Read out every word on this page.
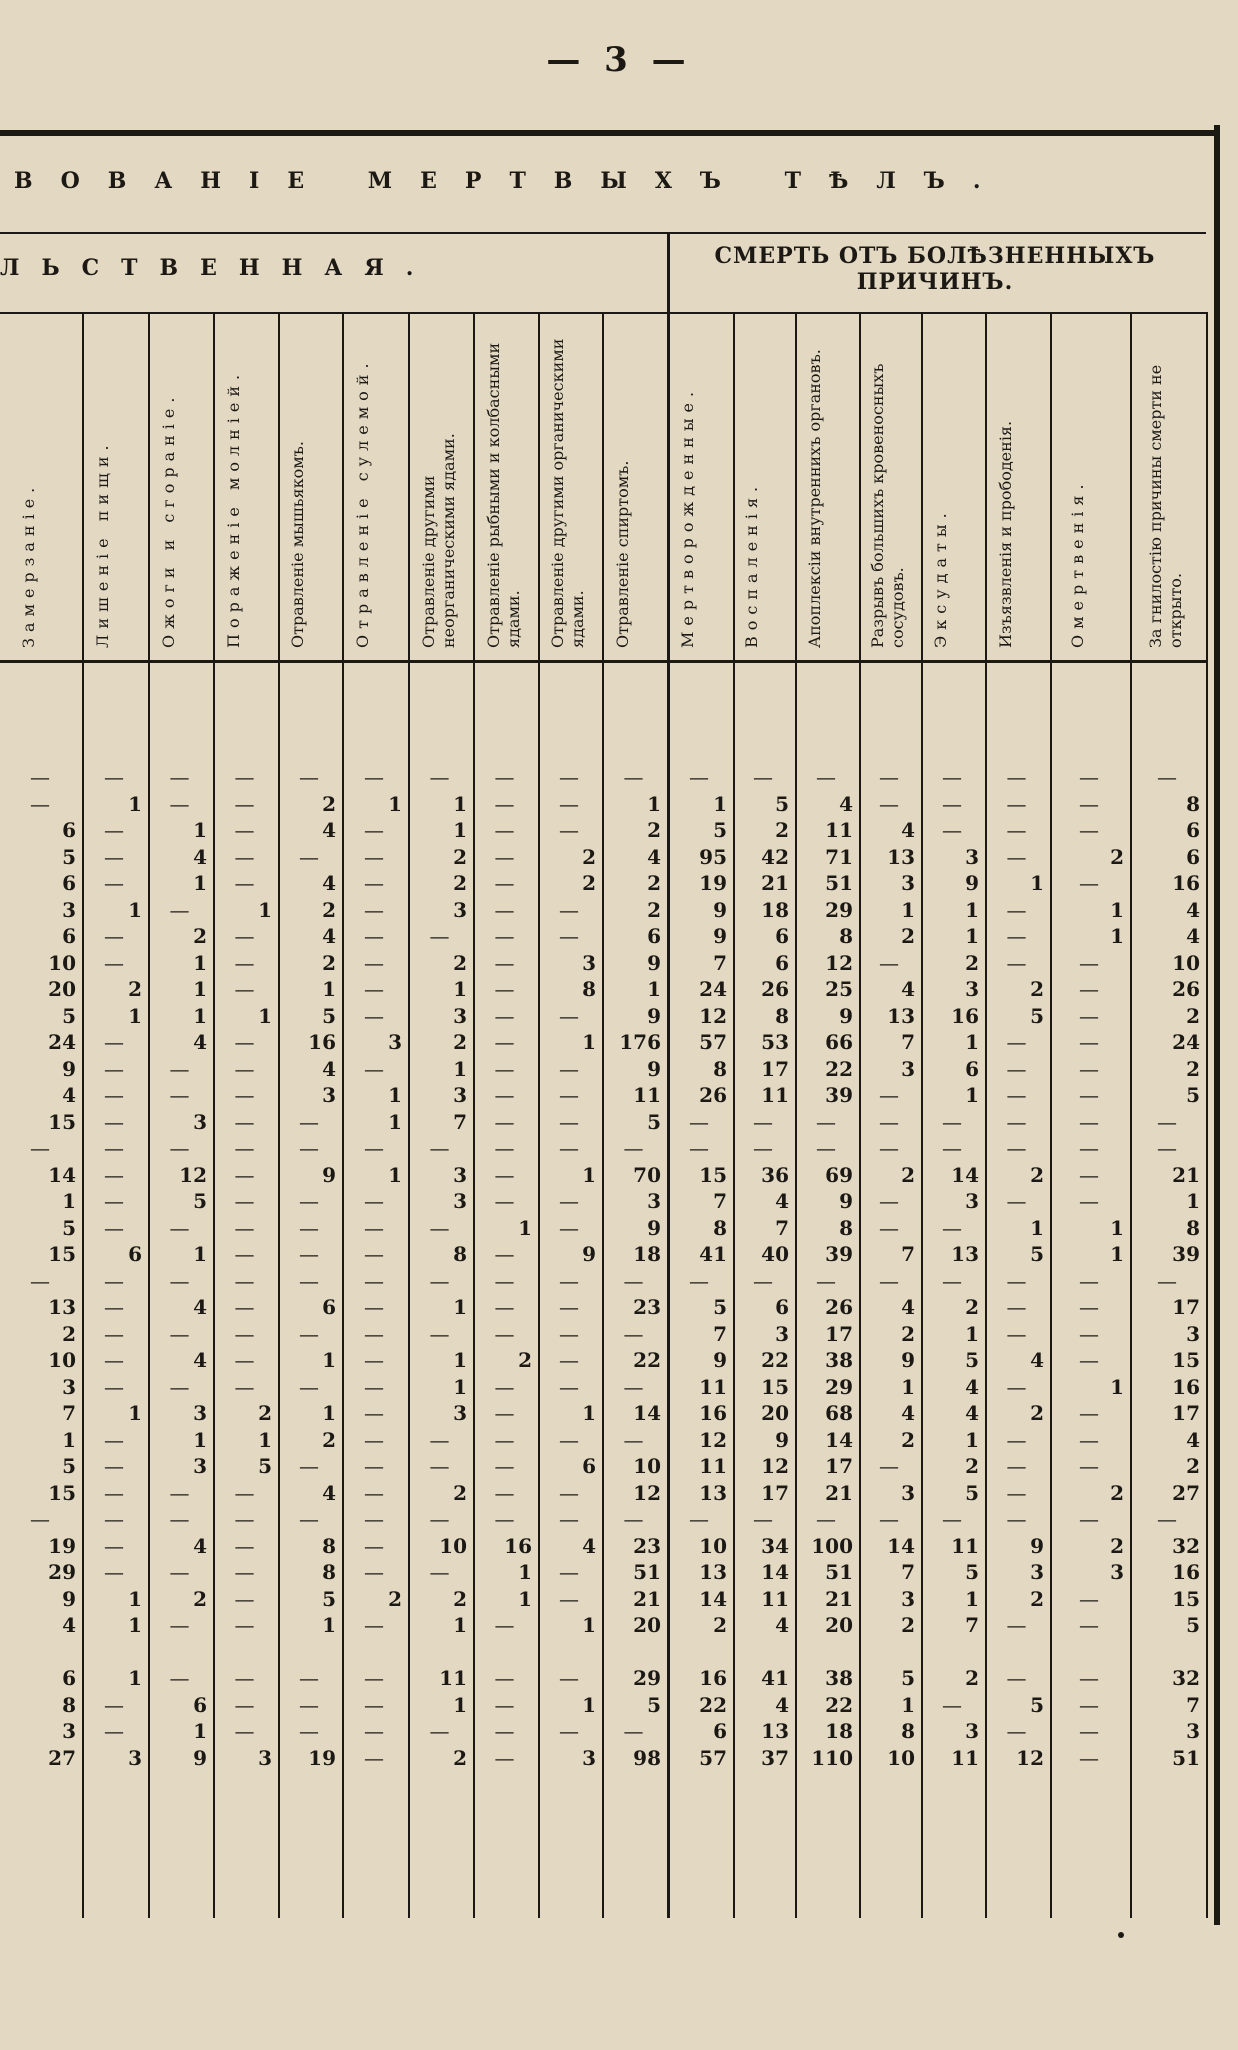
— 3 —
ВОВАНІЕ МЕРТВЫХЪ ТѢЛЪ.
ЛЬСТВЕННАЯ.	СМЕРТЬ ОТЪ БОЛѢЗНЕННЫХЪ ПРИЧИНЪ.
Замерзаніе.	Лишеніе пищи.	Ожоги и сгораніе.	Пораженіе молніей.	Отравленіе мышьякомъ.	Отравленіе сулемой.	Отравленіе другими неорганическими ядами.	Отравленіе рыбными и колбасными ядами.	Отравленіе другими органическими ядами.	Отравленіе спиртомъ.	Мертворожденные.	Воспаленія.	Апоплексіи внутреннихъ органовъ.	Разрывъ большихъ кровеносныхъ сосудовъ.	Эксудаты.	Изъязвленія и прободенія.	Омертвенія.	За гнилостію причины смерти не открыто.
—	—	—	—	—	—	—	—	—	—	—	—	—	—	—	—	—	—
—	1	—	—	2	1	1	—	—	1	1	5	4	—	—	—	—	8
6	—	1	—	4	—	1	—	—	2	5	2	11	4	—	—	—	6
5	—	4	—	—	—	2	—	2	4	95	42	71	13	3	—	2	6
6	—	1	—	4	—	2	—	2	2	19	21	51	3	9	1	—	16
3	1	—	1	2	—	3	—	—	2	9	18	29	1	1	—	1	4
6	—	2	—	4	—	—	—	—	6	9	6	8	2	1	—	1	4
10	—	1	—	2	—	2	—	3	9	7	6	12	—	2	—	—	10
20	2	1	—	1	—	1	—	8	1	24	26	25	4	3	2	—	26
5	1	1	1	5	—	3	—	—	9	12	8	9	13	16	5	—	2
24	—	4	—	16	3	2	—	1	176	57	53	66	7	1	—	—	24
9	—	—	—	4	—	1	—	—	9	8	17	22	3	6	—	—	2
4	—	—	—	3	1	3	—	—	11	26	11	39	—	1	—	—	5
15	—	3	—	—	1	7	—	—	5	—	—	—	—	—	—	—	—
—	—	—	—	—	—	—	—	—	—	—	—	—	—	—	—	—	—
14	—	12	—	9	1	3	—	1	70	15	36	69	2	14	2	—	21
1	—	5	—	—	—	3	—	—	3	7	4	9	—	3	—	—	1
5	—	—	—	—	—	—	1	—	9	8	7	8	—	—	1	1	8
15	6	1	—	—	—	8	—	9	18	41	40	39	7	13	5	1	39
—	—	—	—	—	—	—	—	—	—	—	—	—	—	—	—	—	—
13	—	4	—	6	—	1	—	—	23	5	6	26	4	2	—	—	17
2	—	—	—	—	—	—	—	—	—	7	3	17	2	1	—	—	3
10	—	4	—	1	—	1	2	—	22	9	22	38	9	5	4	—	15
3	—	—	—	—	—	1	—	—	—	11	15	29	1	4	—	1	16
7	1	3	2	1	—	3	—	1	14	16	20	68	4	4	2	—	17
1	—	1	1	2	—	—	—	—	—	12	9	14	2	1	—	—	4
5	—	3	5	—	—	—	—	6	10	11	12	17	—	2	—	—	2
15	—	—	—	4	—	2	—	—	12	13	17	21	3	5	—	2	27
—	—	—	—	—	—	—	—	—	—	—	—	—	—	—	—	—	—
19	—	4	—	8	—	10	16	4	23	10	34	100	14	11	9	2	32
29	—	—	—	8	—	—	1	—	51	13	14	51	7	5	3	3	16
9	1	2	—	5	2	2	1	—	21	14	11	21	3	1	2	—	15
4	1	—	—	1	—	1	—	1	20	2	4	20	2	7	—	—	5
6	1	—	—	—	—	11	—	—	29	16	41	38	5	2	—	—	32
8	—	6	—	—	—	1	—	1	5	22	4	22	1	—	5	—	7
3	—	1	—	—	—	—	—	—	—	6	13	18	8	3	—	—	3
27	3	9	3	19	—	2	—	3	98	57	37	110	10	11	12	—	51
